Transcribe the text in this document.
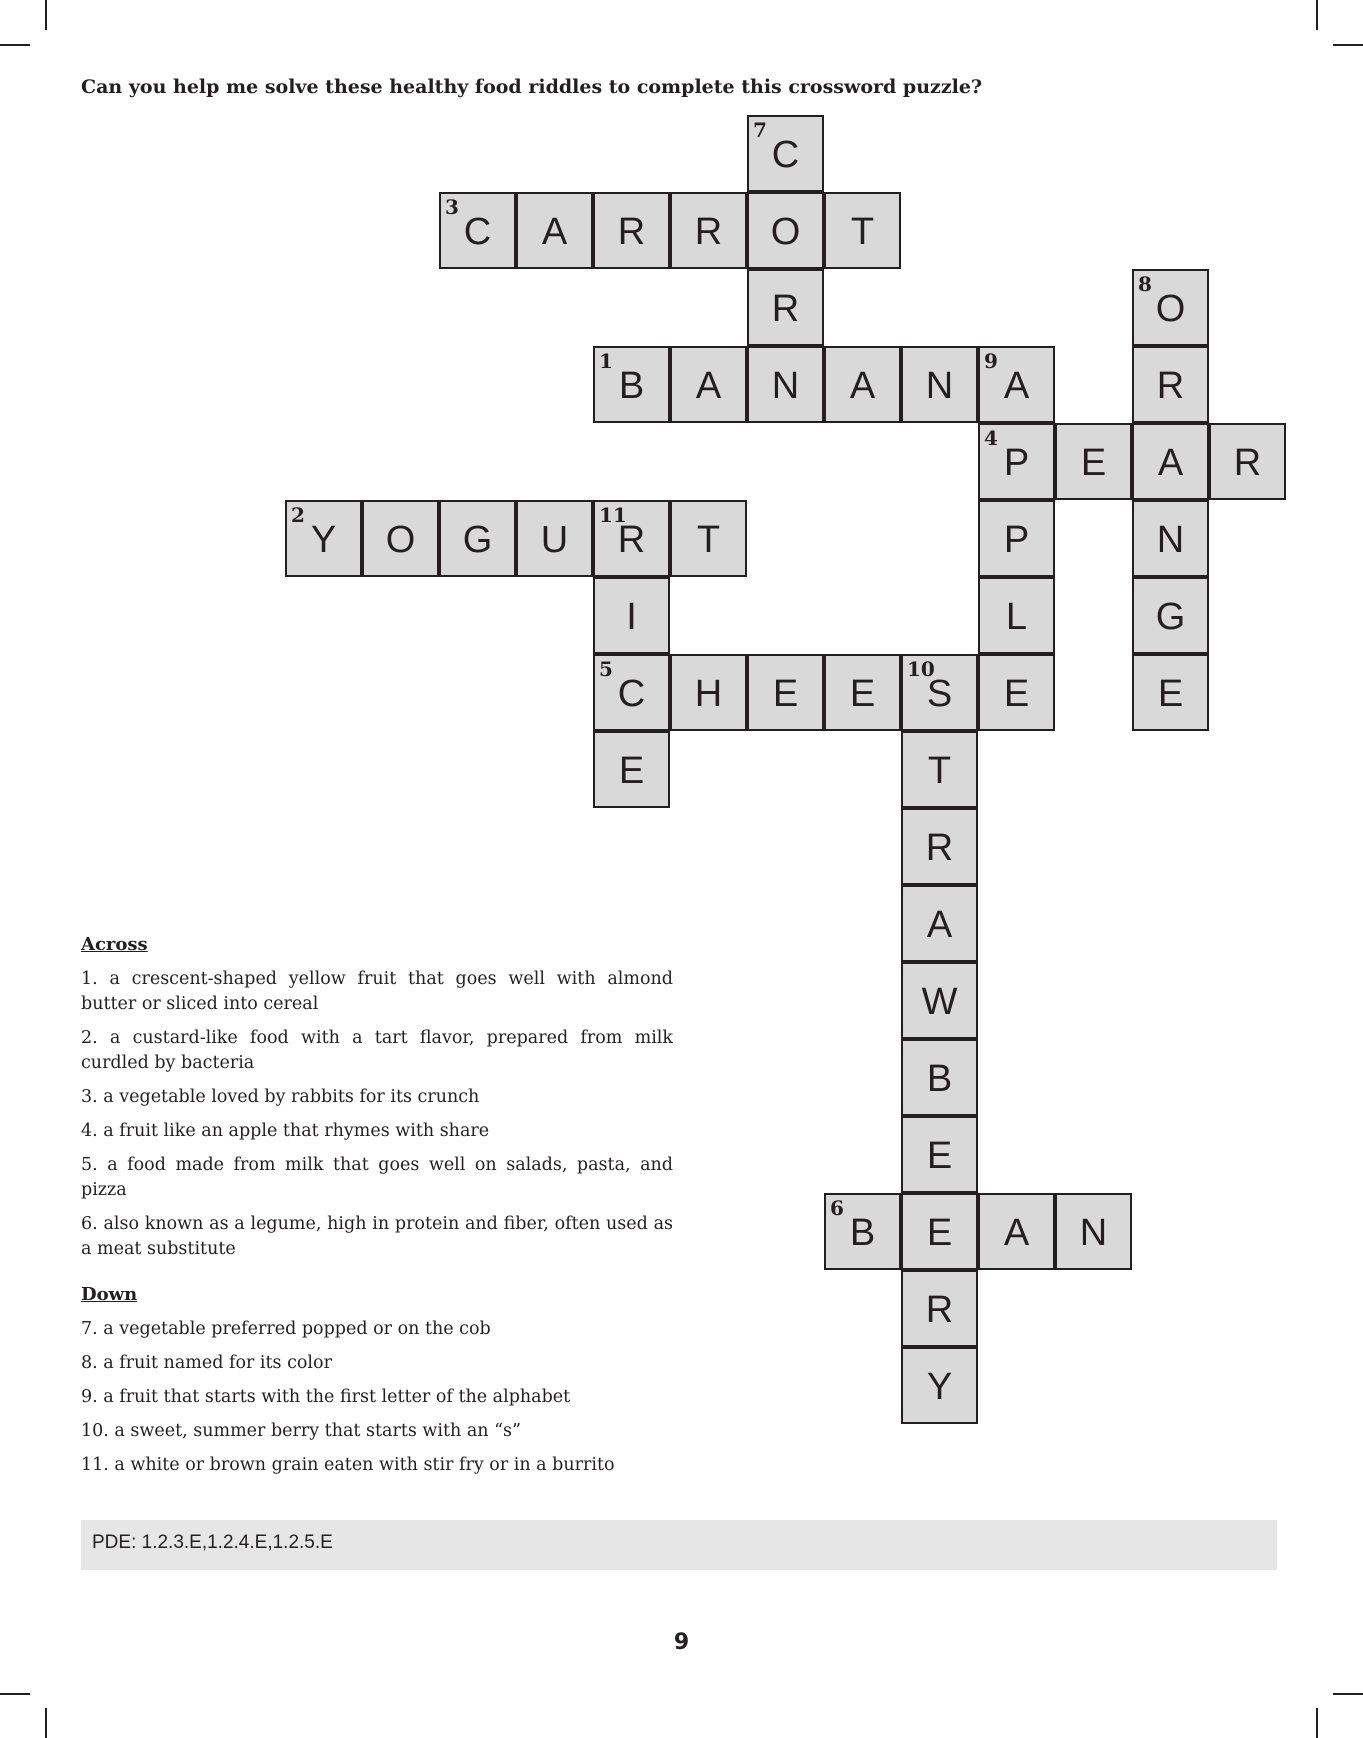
Can you help me solve these healthy food riddles to complete this crossword puzzle?
1
B	A	N	A	N
9
A
2
Y	O	G	U
11
R	T
3
C	A	R	R	O	T
4
P	E	A	R
5
C	H	E	E
10
S	E
6
B	E	A	N
7
C
R
8
O
R
N
G
E
P
L
T
R
A
W
B
E
R
Y
I
E
Across
1. a crescent-shaped yellow fruit that goes well with almond butter or sliced into cereal
2. a custard-like food with a tart flavor, prepared from milk curdled by bacteria
3. a vegetable loved by rabbits for its crunch
4. a fruit like an apple that rhymes with share
5. a food made from milk that goes well on salads, pasta, and pizza
6. also known as a legume, high in protein and fiber, often used as a meat substitute
Down
7. a vegetable preferred popped or on the cob
8. a fruit named for its color
9. a fruit that starts with the first letter of the alphabet
10. a sweet, summer berry that starts with an “s”
11. a white or brown grain eaten with stir fry or in a burrito
PDE: 1.2.3.E,1.2.4.E,1.2.5.E
9
